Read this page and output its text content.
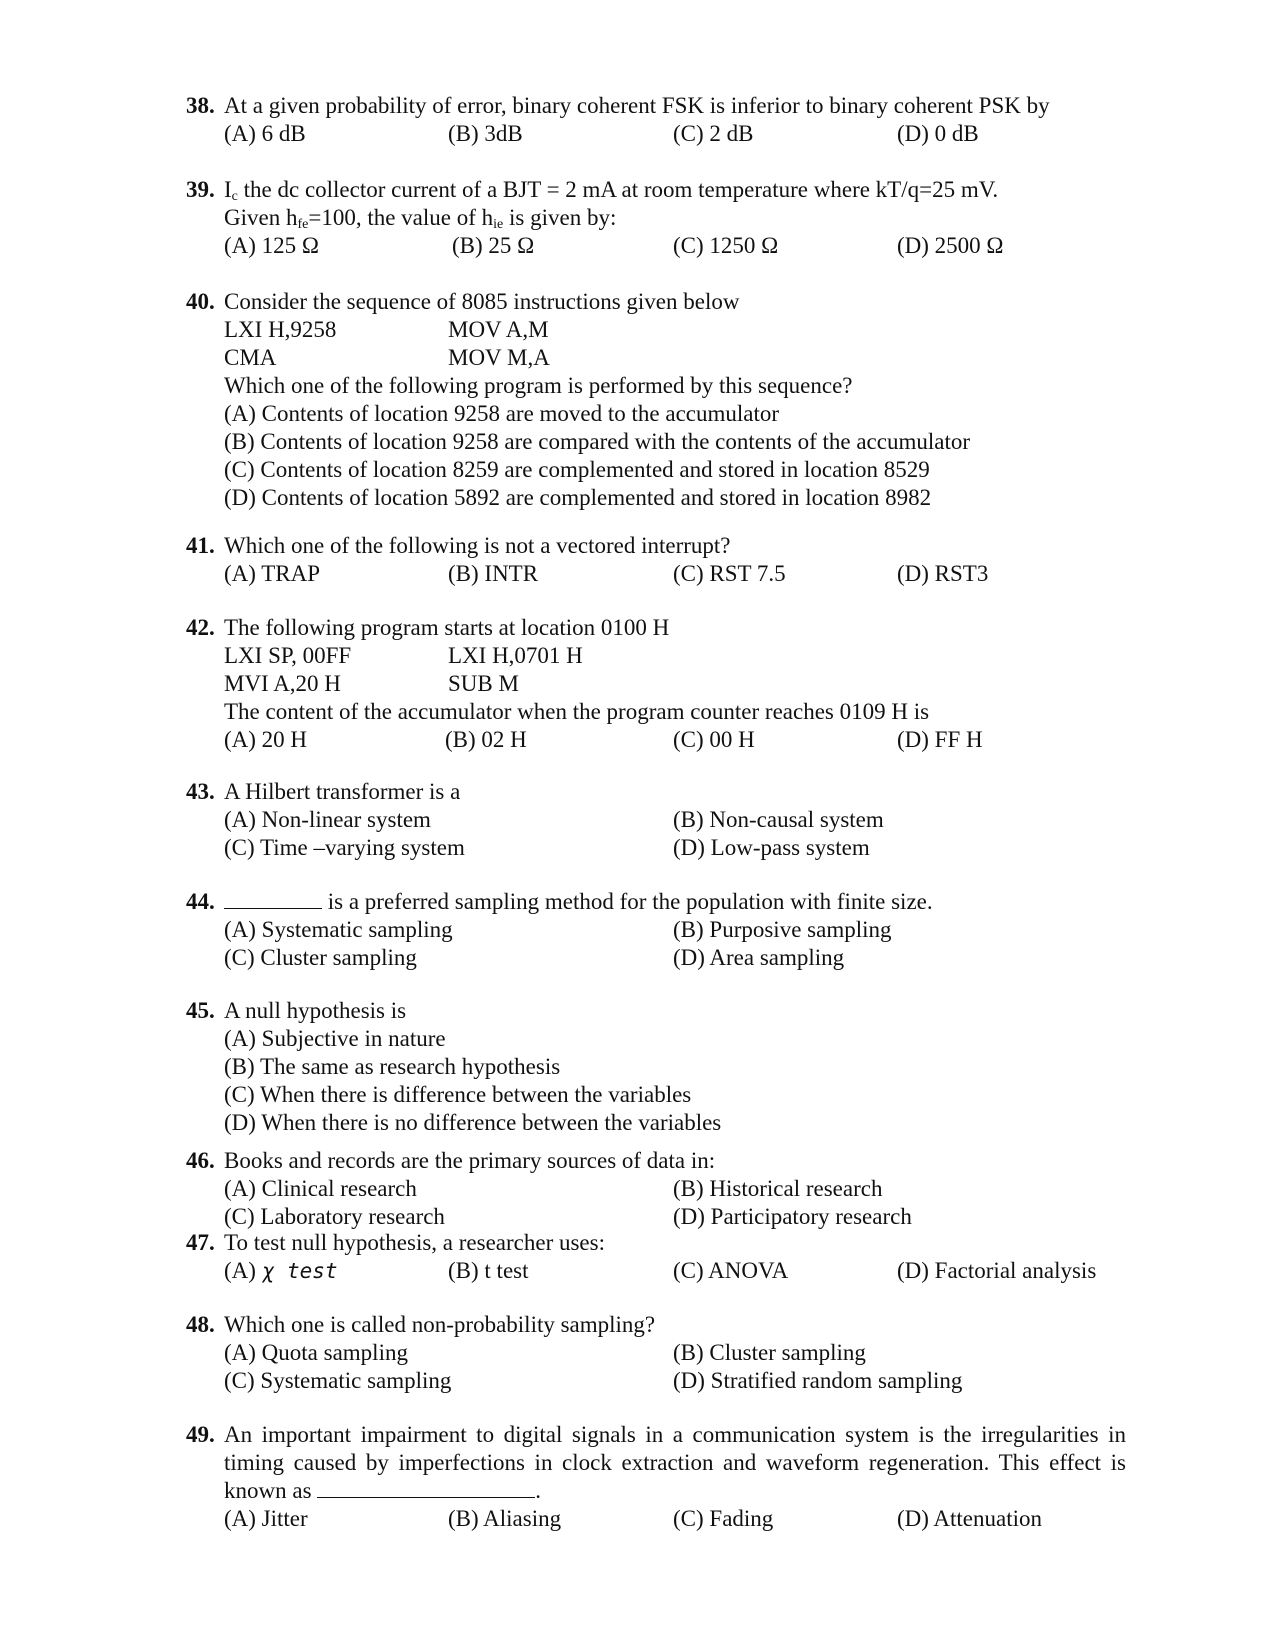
38. At a given probability of error, binary coherent FSK is inferior to binary coherent PSK by
(A) 6 dB	(B) 3dB	(C) 2 dB	(D) 0 dB
39. $I_c$ the dc collector current of a BJT = 2 mA at room temperature where kT/q=25 mV.
Given $h_{fe}=100$, the value of $h_{ie}$ is given by:
(A) 125 Ω	(B) 25 Ω	(C) 1250 Ω	(D) 2500 Ω
40. Consider the sequence of 8085 instructions given below
LXI H,9258	MOV A,M
CMA	MOV M,A
Which one of the following program is performed by this sequence?
(A) Contents of location 9258 are moved to the accumulator
(B) Contents of location 9258 are compared with the contents of the accumulator
(C) Contents of location 8259 are complemented and stored in location 8529
(D) Contents of location 5892 are complemented and stored in location 8982
41. Which one of the following is not a vectored interrupt?
(A) TRAP	(B) INTR	(C) RST 7.5	(D) RST3
42. The following program starts at location 0100 H
LXI SP, 00FF	LXI H,0701 H
MVI A,20 H	SUB M
The content of the accumulator when the program counter reaches 0109 H is
(A) 20 H	(B) 02 H	(C) 00 H	(D) FF H
43. A Hilbert transformer is a
(A) Non-linear system	(B) Non-causal system
(C) Time –varying system	(D) Low-pass system
44.	is a preferred sampling method for the population with finite size.
(A) Systematic sampling	(B) Purposive sampling
(C) Cluster sampling	(D) Area sampling
45. A null hypothesis is
(A) Subjective in nature
(B) The same as research hypothesis
(C) When there is difference between the variables
(D) When there is no difference between the variables
46. Books and records are the primary sources of data in:
(A) Clinical research	(B) Historical research
(C) Laboratory research	(D) Participatory research
47. To test null hypothesis, a researcher uses:
(A) χ test	(B) t test	(C) ANOVA	(D) Factorial analysis
48. Which one is called non-probability sampling?
(A) Quota sampling	(B) Cluster sampling
(C) Systematic sampling	(D) Stratified random sampling
49. An important impairment to digital signals in a communication system is the irregularities in timing caused by imperfections in clock extraction and waveform regeneration. This effect is known as	.
(A) Jitter	(B) Aliasing	(C) Fading	(D) Attenuation
